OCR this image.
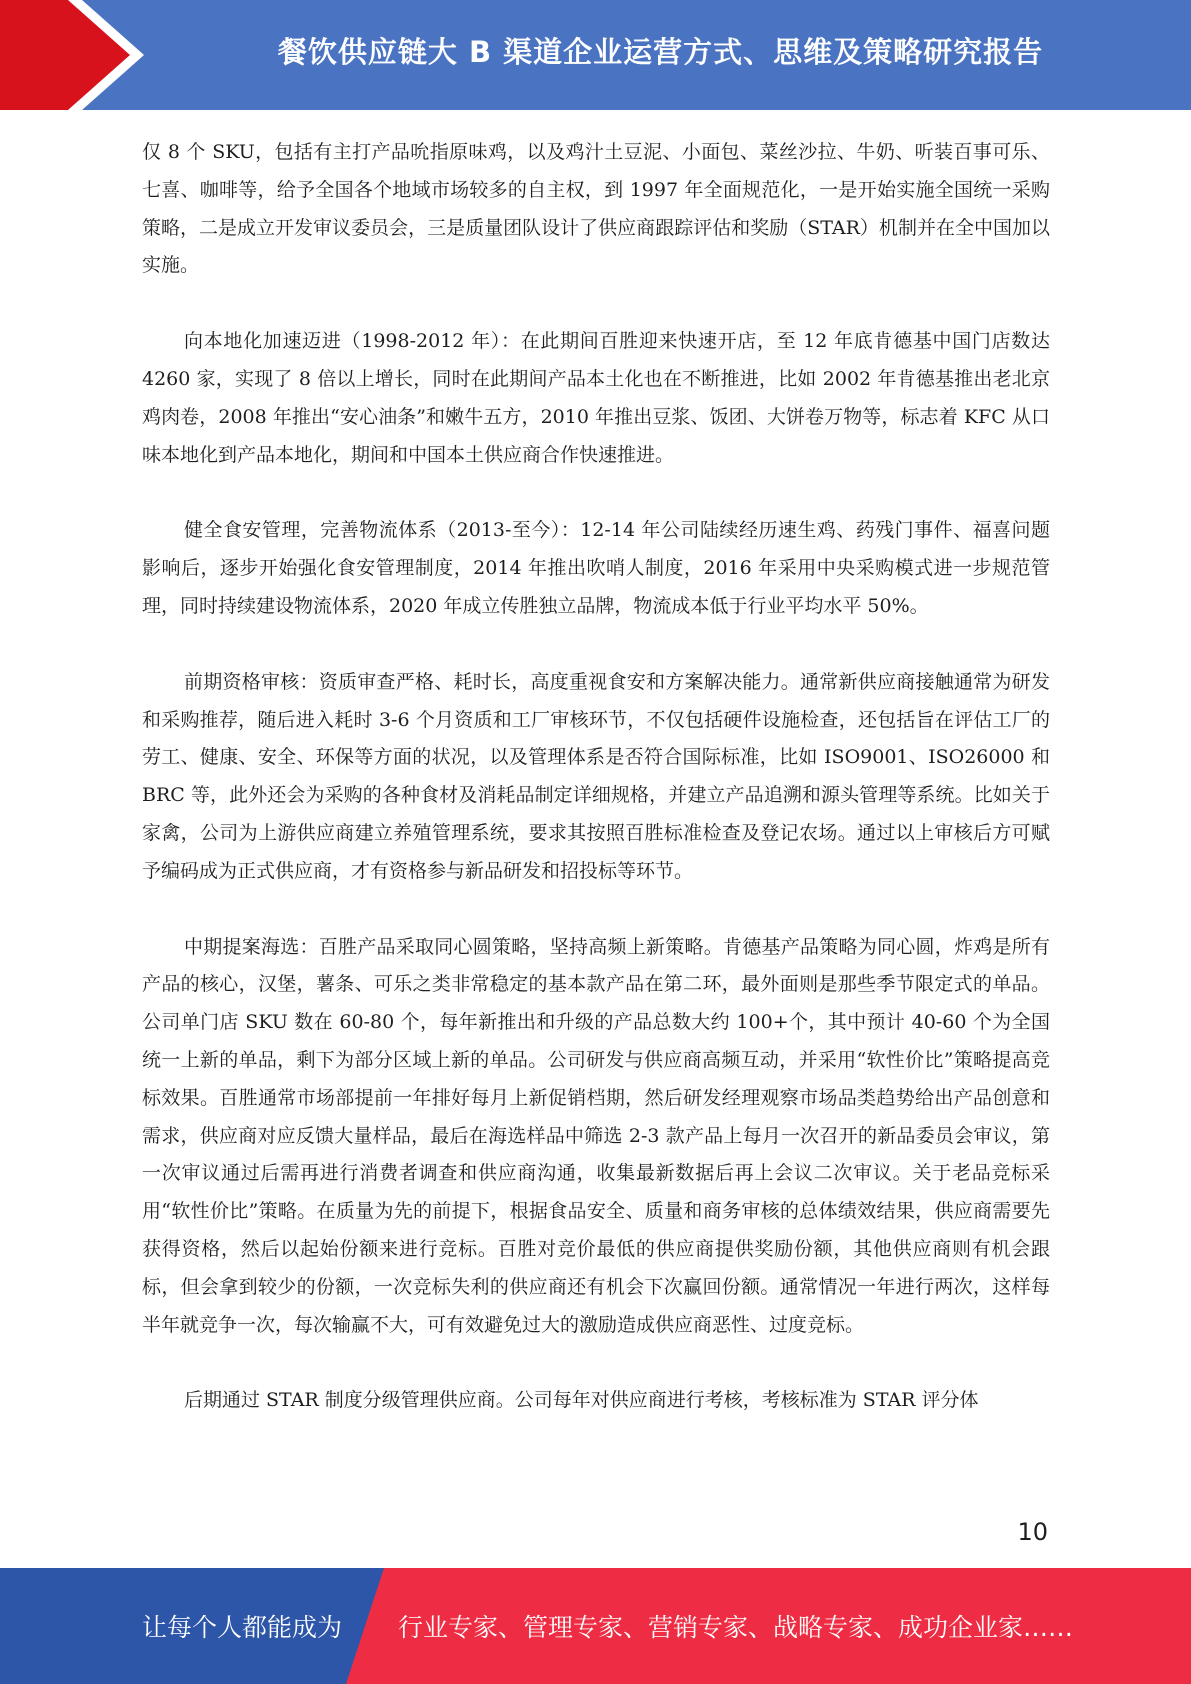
餐饮供应链大 B 渠道企业运营方式、思维及策略研究报告

仅 8 个 SKU，包括有主打产品吮指原味鸡，以及鸡汁土豆泥、小面包、菜丝沙拉、牛奶、听装百事可乐、七喜、咖啡等，给予全国各个地域市场较多的自主权，到 1997 年全面规范化，一是开始实施全国统一采购策略，二是成立开发审议委员会，三是质量团队设计了供应商跟踪评估和奖励（STAR）机制并在全中国加以实施。

向本地化加速迈进（1998-2012 年）：在此期间百胜迎来快速开店，至 12 年底肯德基中国门店数达 4260 家，实现了 8 倍以上增长，同时在此期间产品本土化也在不断推进，比如 2002 年肯德基推出老北京鸡肉卷，2008 年推出“安心油条”和嫩牛五方，2010 年推出豆浆、饭团、大饼卷万物等，标志着 KFC 从口味本地化到产品本地化，期间和中国本土供应商合作快速推进。

健全食安管理，完善物流体系（2013-至今）：12-14 年公司陆续经历速生鸡、药残门事件、福喜问题影响后，逐步开始强化食安管理制度，2014 年推出吹哨人制度，2016 年采用中央采购模式进一步规范管理，同时持续建设物流体系，2020 年成立传胜独立品牌，物流成本低于行业平均水平 50%。

前期资格审核：资质审查严格、耗时长，高度重视食安和方案解决能力。通常新供应商接触通常为研发和采购推荐，随后进入耗时 3-6 个月资质和工厂审核环节，不仅包括硬件设施检查，还包括旨在评估工厂的劳工、健康、安全、环保等方面的状况，以及管理体系是否符合国际标准，比如 ISO9001、ISO26000 和 BRC 等，此外还会为采购的各种食材及消耗品制定详细规格，并建立产品追溯和源头管理等系统。比如关于家禽，公司为上游供应商建立养殖管理系统，要求其按照百胜标准检查及登记农场。通过以上审核后方可赋予编码成为正式供应商，才有资格参与新品研发和招投标等环节。

中期提案海选：百胜产品采取同心圆策略，坚持高频上新策略。肯德基产品策略为同心圆，炸鸡是所有产品的核心，汉堡，薯条、可乐之类非常稳定的基本款产品在第二环，最外面则是那些季节限定式的单品。公司单门店 SKU 数在 60-80 个，每年新推出和升级的产品总数大约 100+个，其中预计 40-60 个为全国统一上新的单品，剩下为部分区域上新的单品。公司研发与供应商高频互动，并采用“软性价比”策略提高竞标效果。百胜通常市场部提前一年排好每月上新促销档期，然后研发经理观察市场品类趋势给出产品创意和需求，供应商对应反馈大量样品，最后在海选样品中筛选 2-3 款产品上每月一次召开的新品委员会审议，第一次审议通过后需再进行消费者调查和供应商沟通，收集最新数据后再上会议二次审议。关于老品竞标采用“软性价比”策略。在质量为先的前提下，根据食品安全、质量和商务审核的总体绩效结果，供应商需要先获得资格，然后以起始份额来进行竞标。百胜对竞价最低的供应商提供奖励份额，其他供应商则有机会跟标，但会拿到较少的份额，一次竞标失利的供应商还有机会下次赢回份额。通常情况一年进行两次，这样每半年就竞争一次，每次输赢不大，可有效避免过大的激励造成供应商恶性、过度竞标。

后期通过 STAR 制度分级管理供应商。公司每年对供应商进行考核，考核标准为 STAR 评分体

10
让每个人都能成为 行业专家、管理专家、营销专家、战略专家、成功企业家……
